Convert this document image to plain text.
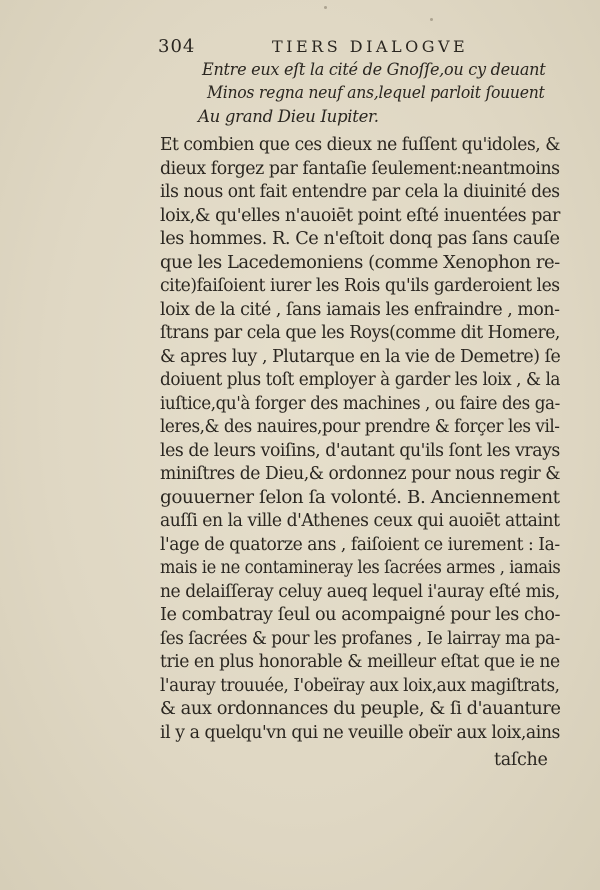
304	TIERS DIALOGVE
Entre eux eſt la cité de Gnoſſe,ou cy deuant
Minos regna neuf ans,lequel parloit ſouuent
Au grand Dieu Iupiter.
Et combien que ces dieux ne fuſſent qu'idoles, &
dieux forgez par fantaſie ſeulement:neantmoins
ils nous ont fait entendre par cela la diuinité des
loix,& qu'elles n'auoiēt point eſté inuentées par
les hommes. R. Ce n'eſtoit donq pas ſans cauſe
que les Lacedemoniens (comme Xenophon re-
cite)faiſoient iurer les Rois qu'ils garderoient les
loix de la cité , ſans iamais les enfraindre , mon-
ſtrans par cela que les Roys(comme dit Homere,
& apres luy , Plutarque en la vie de Demetre) ſe
doiuent plus toſt employer à garder les loix , & la
iuſtice,qu'à forger des machines , ou faire des ga-
leres,& des nauires,pour prendre & forçer les vil-
les de leurs voiſins, d'autant qu'ils ſont les vrays
miniſtres de Dieu,& ordonnez pour nous regir &
gouuerner ſelon ſa volonté. B. Anciennement
auſſi en la ville d'Athenes ceux qui auoiēt attaint
l'age de quatorze ans , faiſoient ce iurement : Ia-
mais ie ne contamineray les ſacrées armes , iamais
ne delaiſſeray celuy aueq lequel i'auray eſté mis,
Ie combatray ſeul ou acompaigné pour les cho-
ſes ſacrées & pour les profanes , Ie lairray ma pa-
trie en plus honorable & meilleur eſtat que ie ne
l'auray trouuée, I'obeïray aux loix,aux magiſtrats,
& aux ordonnances du peuple, & ſi d'auanture
il y a quelqu'vn qui ne veuille obeïr aux loix,ains
taſche
